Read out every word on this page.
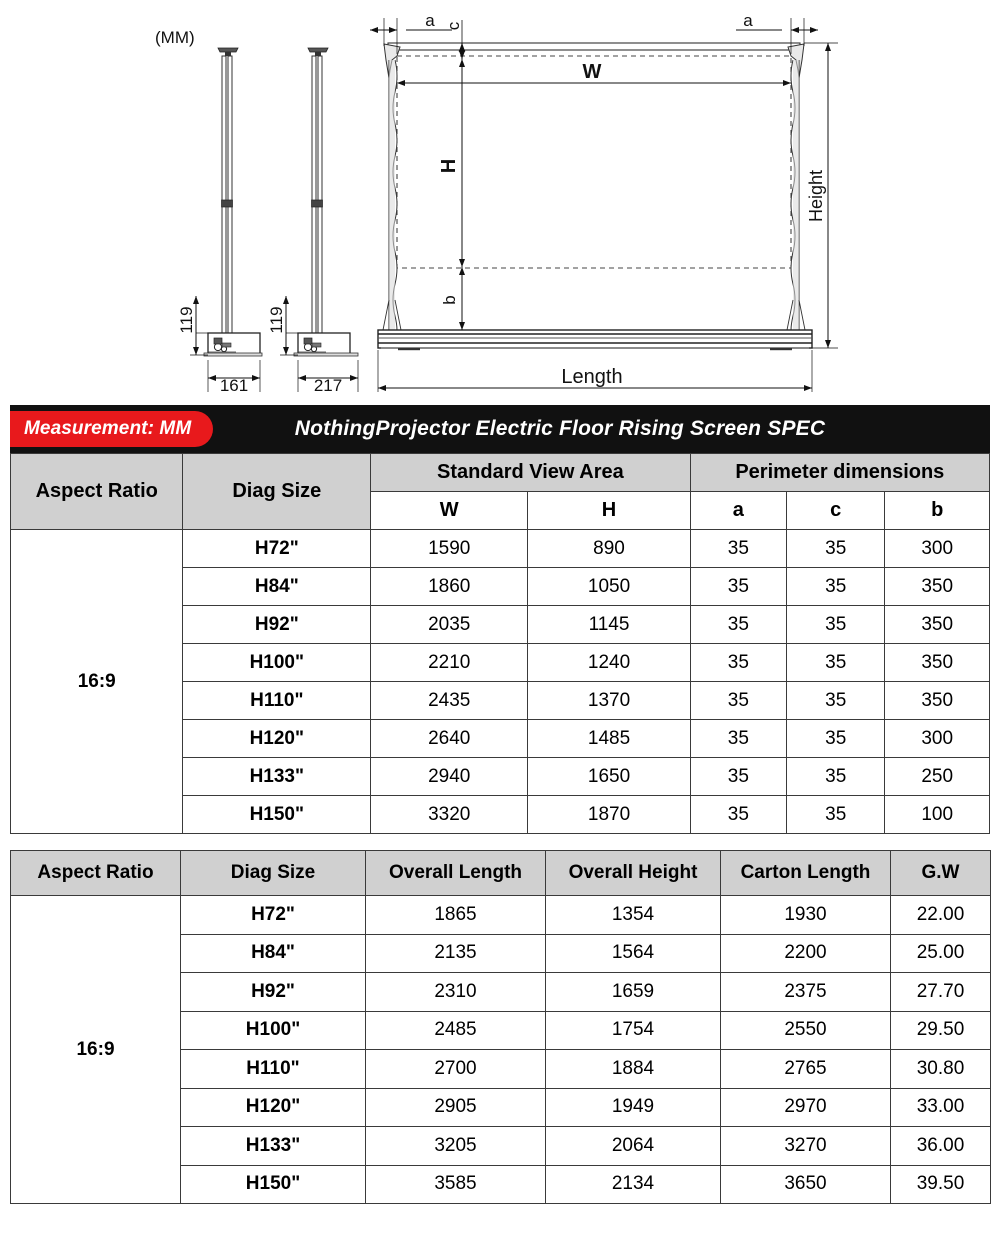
(MM)
119
161
119
217
a	a
c
W
H
b
Height
Length
Measurement: MM	NothingProjector Electric Floor Rising Screen SPEC
Aspect Ratio	Diag Size	Standard View Area		Perimeter dimensions		
		W	H	a	c	b
16:9	H72"	1590	890	35	35	300
	H84"	1860	1050	35	35	350
	H92"	2035	1145	35	35	350
	H100"	2210	1240	35	35	350
	H110"	2435	1370	35	35	350
	H120"	2640	1485	35	35	300
	H133"	2940	1650	35	35	250
	H150"	3320	1870	35	35	100
Aspect Ratio	Diag Size	Overall Length	Overall Height	Carton Length	G.W
16:9	H72"	1865	1354	1930	22.00
	H84"	2135	1564	2200	25.00
	H92"	2310	1659	2375	27.70
	H100"	2485	1754	2550	29.50
	H110"	2700	1884	2765	30.80
	H120"	2905	1949	2970	33.00
	H133"	3205	2064	3270	36.00
	H150"	3585	2134	3650	39.50
